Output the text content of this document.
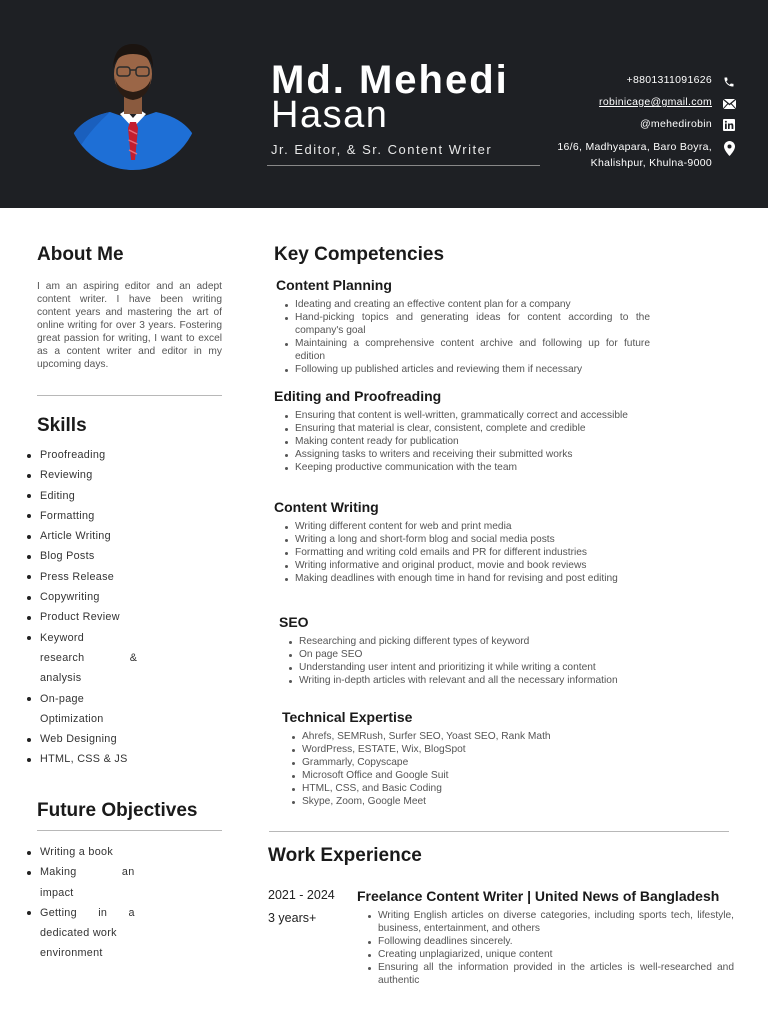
Md. Mehedi
Hasan
Jr. Editor, & Sr. Content Writer
+8801311091626
robinicage@gmail.com
@mehedirobin
16/6, Madhyapara, Baro Boyra,
Khalishpur, Khulna-9000
About Me
I am an aspiring editor and an adept content writer. I have been writing content years and mastering the art of online writing for over 3 years. Fostering great passion for writing, I want to excel as a content writer and editor in my upcoming days.
Skills
Proofreading
Reviewing
Editing
Formatting
Article Writing
Blog Posts
Press Release
Copywriting
Product Review
Keyword
research &
analysis
On-page
Optimization
Web Designing
HTML, CSS & JS
Future Objectives
Writing a book
Making an
impact
Getting in a
dedicated work
environment
Key Competencies
Content Planning
Ideating and creating an effective content plan for a company
Hand-picking topics and generating ideas for content according to the company's goal
Maintaining a comprehensive content archive and following up for future edition
Following up published articles and reviewing them if necessary
Editing and Proofreading
Ensuring that content is well-written, grammatically correct and accessible
Ensuring that material is clear, consistent, complete and credible
Making content ready for publication
Assigning tasks to writers and receiving their submitted works
Keeping productive communication with the team
Content Writing
Writing different content for web and print media
Writing a long and short-form blog and social media posts
Formatting and writing cold emails and PR for different industries
Writing informative and original product, movie and book reviews
Making deadlines with enough time in hand for revising and post editing
SEO
Researching and picking different types of keyword
On page SEO
Understanding user intent and prioritizing it while writing a content
Writing in-depth articles with relevant and all the necessary information
Technical Expertise
Ahrefs, SEMRush, Surfer SEO, Yoast SEO, Rank Math
WordPress, ESTATE, Wix, BlogSpot
Grammarly, Copyscape
Microsoft Office and Google Suit
HTML, CSS, and Basic Coding
Skype, Zoom, Google Meet
Work Experience
2021 - 2024
3 years+
Freelance Content Writer | United News of Bangladesh
Writing English articles on diverse categories, including sports tech, lifestyle, business, entertainment, and others
Following deadlines sincerely.
Creating unplagiarized, unique content
Ensuring all the information provided in the articles is well-researched and authentic
